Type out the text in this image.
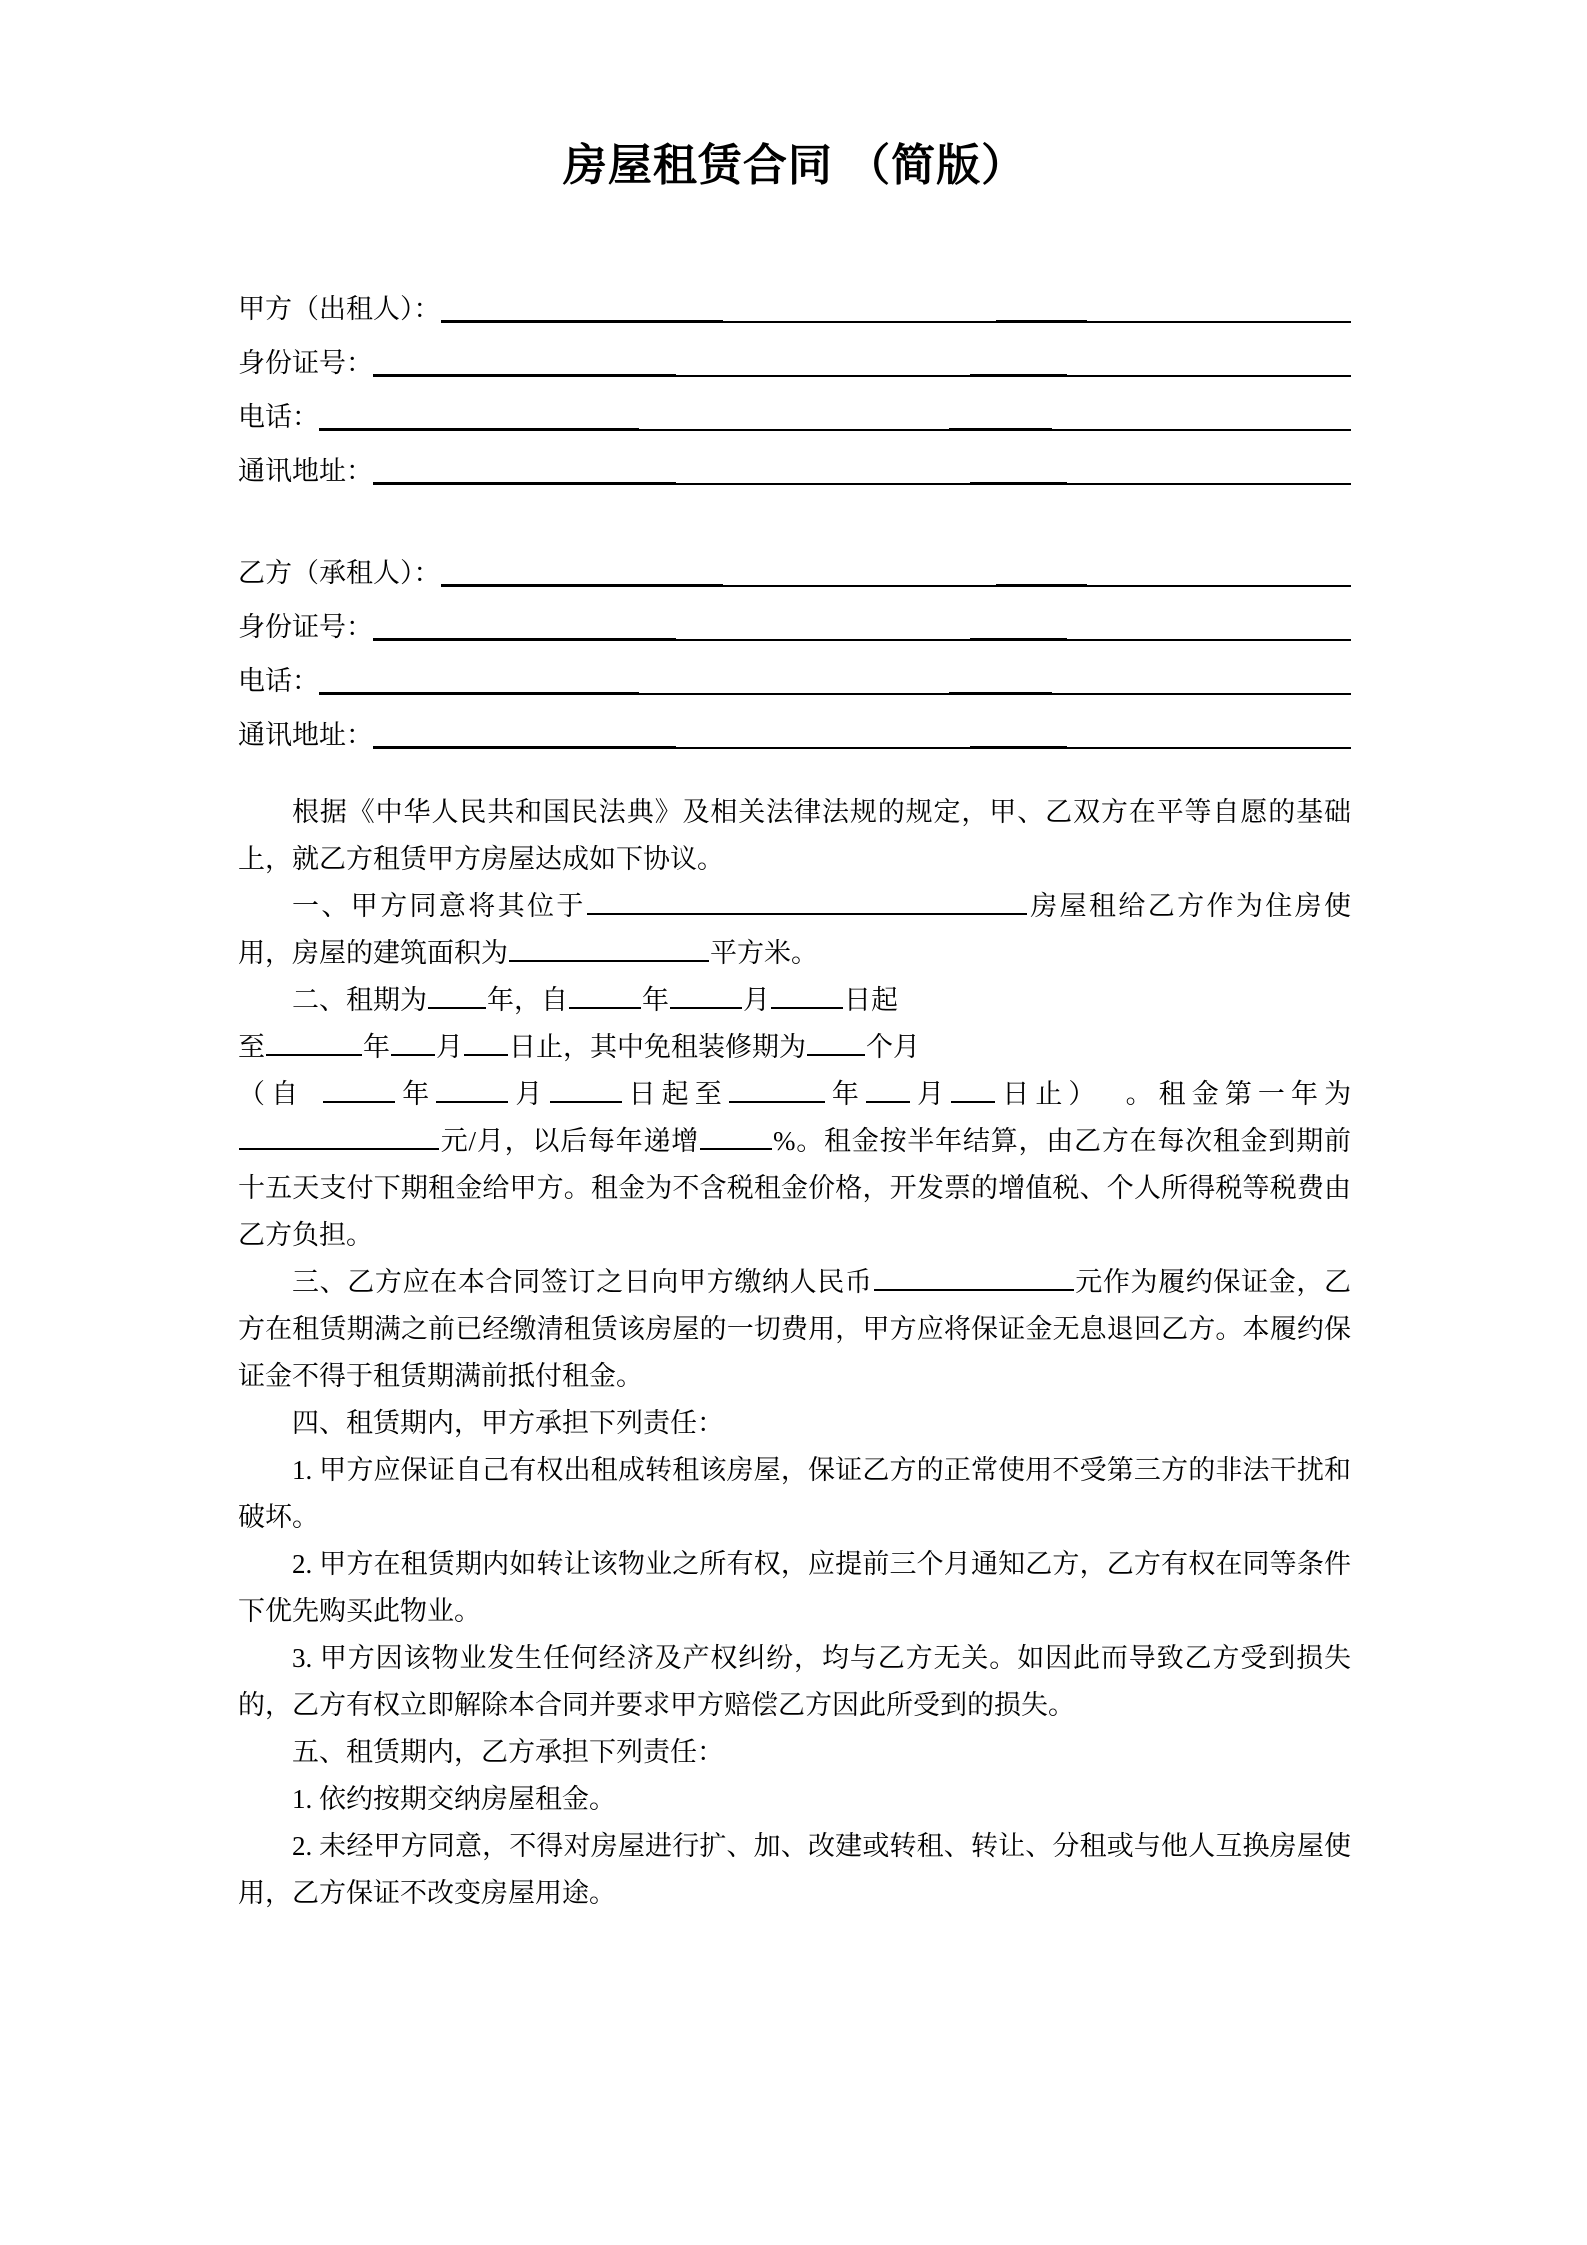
房屋租赁合同 （简版）
甲方（出租人）：
身份证号：
电话：
通讯地址：
乙方（承租人）：
身份证号：
电话：
通讯地址：

根据《中华人民共和国民法典》及相关法律法规的规定，甲、乙双方在平等自愿的基础上，就乙方租赁甲方房屋达成如下协议。

一、甲方同意将其位于	房屋租给乙方作为住房使用，房屋的建筑面积为	平方米。

二、租期为 年，自	年	月	日起

至	年 月 日止，其中免租装修期为 个月

（自	年	月	日起至	年 月 日止） 。租金第一年为元/月，以后每年递增	%。租金按半年结算，由乙方在每次租金到期前十五天支付下期租金给甲方。租金为不含税租金价格，开发票的增值税、个人所得税等税费由乙方负担。

三、乙方应在本合同签订之日向甲方缴纳人民币	元作为履约保证金，乙方在租赁期满之前已经缴清租赁该房屋的一切费用，甲方应将保证金无息退回乙方。本履约保证金不得于租赁期满前抵付租金。

四、租赁期内，甲方承担下列责任：

1. 甲方应保证自己有权出租成转租该房屋，保证乙方的正常使用不受第三方的非法干扰和破坏。

2. 甲方在租赁期内如转让该物业之所有权，应提前三个月通知乙方，乙方有权在同等条件下优先购买此物业。

3. 甲方因该物业发生任何经济及产权纠纷，均与乙方无关。如因此而导致乙方受到损失的，乙方有权立即解除本合同并要求甲方赔偿乙方因此所受到的损失。

五、租赁期内，乙方承担下列责任：

1. 依约按期交纳房屋租金。

2. 未经甲方同意，不得对房屋进行扩、加、改建或转租、转让、分租或与他人互换房屋使用，乙方保证不改变房屋用途。
